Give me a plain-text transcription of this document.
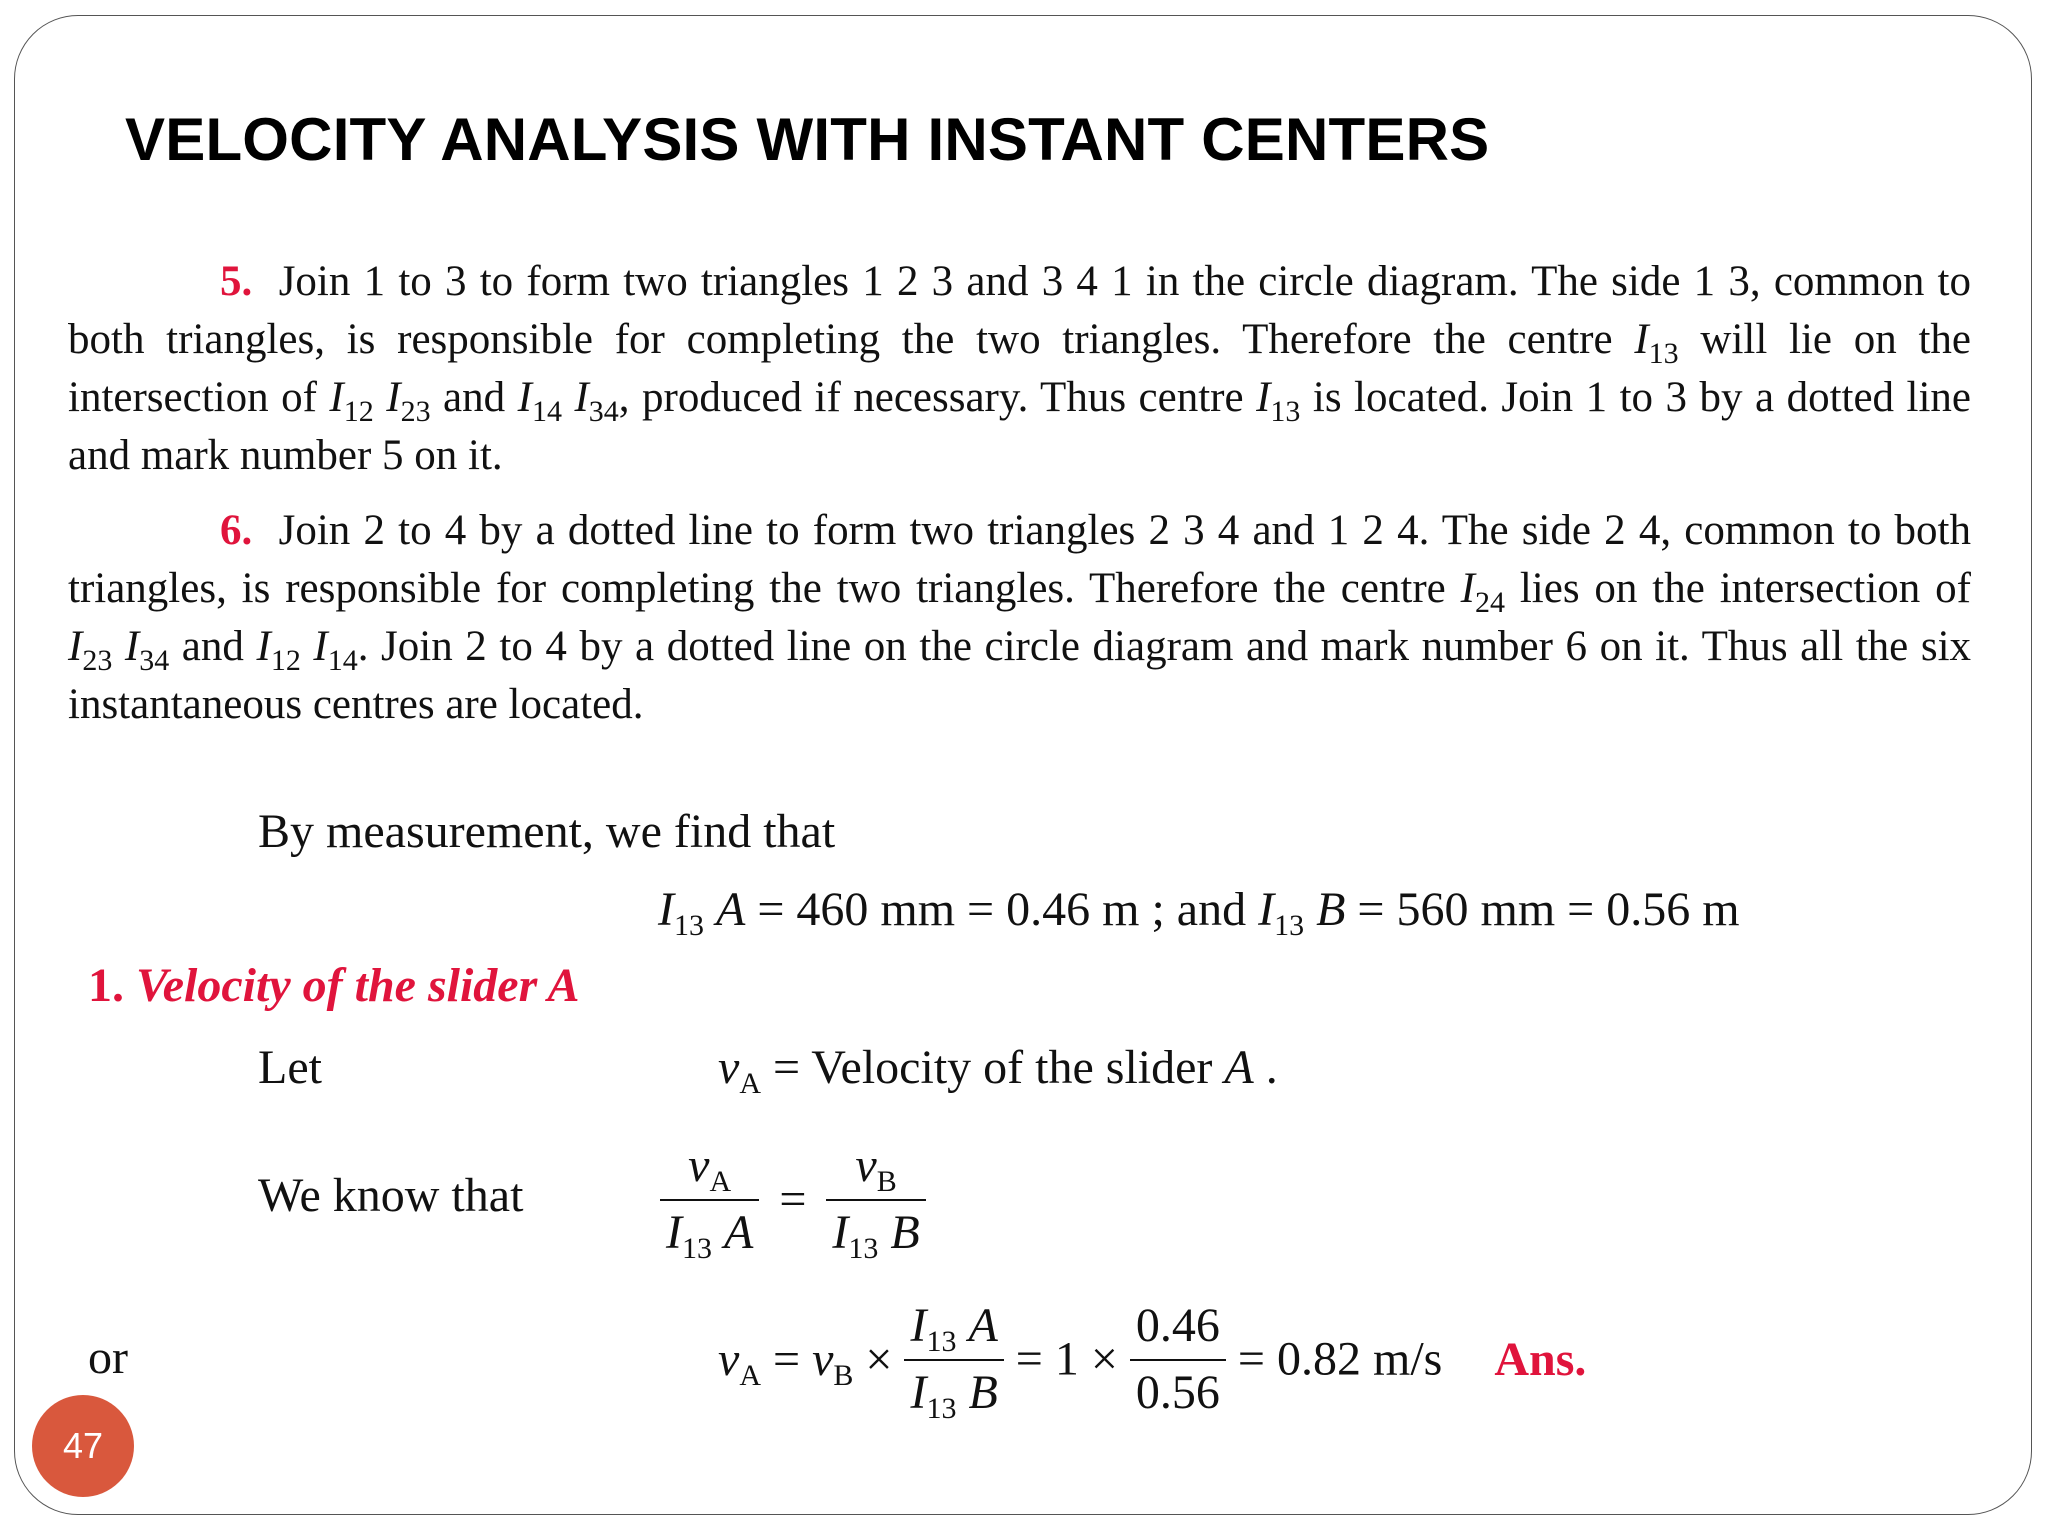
VELOCITY ANALYSIS WITH INSTANT CENTERS
5. Join 1 to 3 to form two triangles 1 2 3 and 3 4 1 in the circle diagram. The side 1 3, common to both triangles, is responsible for completing the two triangles. Therefore the centre $I_{13}$ will lie on the intersection of $I_{12}$ $I_{23}$ and $I_{14}$ $I_{34}$, produced if necessary. Thus centre $I_{13}$ is located. Join 1 to 3 by a dotted line and mark number 5 on it.
6. Join 2 to 4 by a dotted line to form two triangles 2 3 4 and 1 2 4. The side 2 4, common to both triangles, is responsible for completing the two triangles. Therefore the centre $I_{24}$ lies on the intersection of $I_{23}$ $I_{34}$ and $I_{12}$ $I_{14}$. Join 2 to 4 by a dotted line on the circle diagram and mark number 6 on it. Thus all the six instantaneous centres are located.
By measurement, we find that
$I_{13}$ A = 460 mm = 0.46 m ; and $I_{13}$ B = 560 mm = 0.56 m
1. Velocity of the slider A
Let	$v_A$ = Velocity of the slider A .
We know that	$\frac{v_A}{I_{13} A} = \frac{v_B}{I_{13} B}$
or	$v_A = v_B \times \frac{I_{13} A}{I_{13} B} = 1 \times \frac{0.46}{0.56} = 0.82$ m/s Ans.
47
